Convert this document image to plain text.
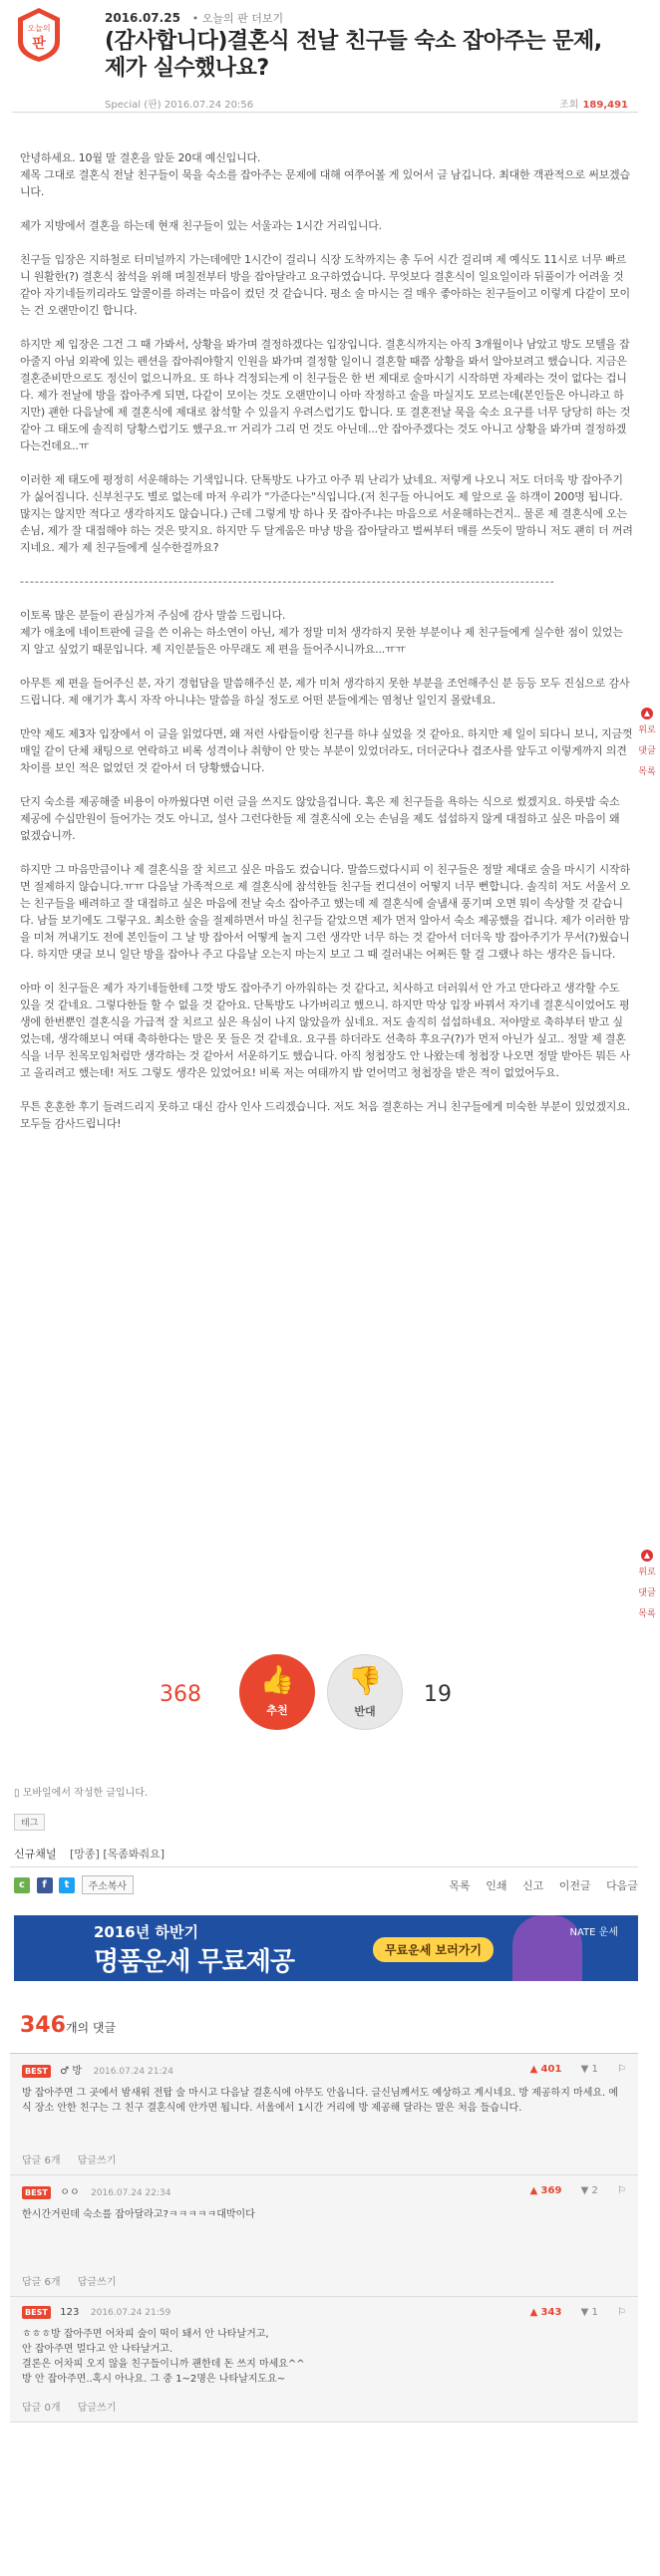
오늘의
판
2016.07.25 • 오늘의 판 더보기
(감사합니다)결혼식 전날 친구들 숙소 잡아주는 문제, 제가 실수했나요?
Special (판) 2016.07.24 20:56	조회 189,491

안녕하세요. 10월 말 결혼을 앞둔 20대 예신입니다.
제목 그대로 결혼식 전날 친구들이 묵을 숙소를 잡아주는 문제에 대해 여쭈어볼 게 있어서 글 남깁니다. 최대한 객관적으로 써보겠습니다.

제가 지방에서 결혼을 하는데 현재 친구들이 있는 서울과는 1시간 거리입니다.

친구들 입장은 지하철로 터미널까지 가는데에만 1시간이 걸리니 식장 도착까지는 총 두어 시간 걸리며 제 예식도 11시로 너무 빠르니 원활한(?) 결혼식 참석을 위해 며칠전부터 방을 잡아달라고 요구하였습니다. 무엇보다 결혼식이 일요일이라 뒤풀이가 어려울 것 같아 자기네들끼리라도 알콜이를 하려는 마음이 컸던 것 같습니다. 평소 술 마시는 걸 매우 좋아하는 친구들이고 이렇게 다같이 모이는 건 오랜만이긴 합니다.

하지만 제 입장은 그건 그 때 가봐서, 상황을 봐가며 결정하겠다는 입장입니다. 결혼식까지는 아직 3개월이나 남았고 방도 모텔을 잡아줄지 아님 외곽에 있는 펜션을 잡아줘야할지 인원을 봐가며 결정할 일이니 결혼할 때쯤 상황을 봐서 알아보려고 했습니다. 지금은 결혼준비만으로도 정신이 없으니까요. 또 하나 걱정되는게 이 친구들은 한 번 제대로 술마시기 시작하면 자제라는 것이 없다는 겁니다. 제가 전날에 방을 잡아주게 되면, 다같이 모이는 것도 오랜만이니 아마 작정하고 술을 마실지도 모르는데(본인들은 아니라고 하지만) 괜한 다음날에 제 결혼식에 제대로 참석할 수 있을지 우려스럽기도 합니다. 또 결혼전날 묵을 숙소 요구를 너무 당당히 하는 것 같아 그 태도에 솔직히 당황스럽기도 했구요.ㅠ 거리가 그리 먼 것도 아닌데...안 잡아주겠다는 것도 아니고 상황을 봐가며 결정하겠다는건데요..ㅠ

이러한 제 태도에 평정히 서운해하는 기색입니다. 단톡방도 나가고 아주 뭐 난리가 났네요. 저렇게 나오니 저도 더더욱 방 잡아주기가 싫어집니다. 신부친구도 별로 없는데 마저 우리가 "가준다는"식입니다.(저 친구들 아니어도 제 앞으로 올 하객이 200명 됩니다. 많지는 않지만 적다고 생각하지도 않습니다.) 근데 그렇게 방 하나 못 잡아주냐는 마음으로 서운해하는건지.. 물론 제 결혼식에 오는 손님, 제가 잘 대접해야 하는 것은 맞지요. 하지만 두 달게움은 마냥 방을 잡아달라고 벌써부터 매를 쓰듯이 말하니 저도 괜히 더 꺼려지네요. 제가 제 친구들에게 실수한걸까요?

------------------------------------------------------------------------------------------------------------

이토록 많은 분들이 관심가져 주심에 감사 말씀 드립니다.
제가 애초에 네이트판에 글을 쓴 이유는 하소연이 아닌, 제가 정말 미처 생각하지 못한 부분이나 제 친구들에게 실수한 점이 있었는지 알고 싶었기 때문입니다. 제 지인분들은 아무래도 제 편을 들어주시니까요...ㅠㅠ

아무튼 제 편을 들어주신 분, 자기 경험담을 말씀해주신 분, 제가 미처 생각하지 못한 부분을 조언해주신 분 등등 모두 진심으로 감사드립니다. 제 얘기가 혹시 자작 아니냐는 말씀을 하실 정도로 어떤 분들에게는 염청난 일인지 몰랐네요.

만약 제도 제3자 입장에서 이 글을 읽었다면, 왜 저런 사람들이랑 친구를 하냐 싶었을 것 같아요. 하지만 제 일이 되다니 보니, 지금껏 매일 같이 단체 채팅으로 연락하고 비록 성격이나 취향이 안 맞는 부분이 있었더라도, 더더군다나 겹조사를 앞두고 이렇게까지 의견 차이를 보인 적은 없었던 것 같아서 더 당황했습니다.

단지 숙소를 제공해줄 비용이 아까웠다면 이런 글을 쓰지도 않았을겁니다. 혹은 제 친구들을 욕하는 식으로 썼겠지요. 하룻밤 숙소 제공에 수십만원이 들어가는 것도 아니고, 설사 그런다한들 제 결혼식에 오는 손님을 제도 섭섭하지 않게 대접하고 싶은 마음이 왜 없겠습니까.

하지만 그 마음만큼이나 제 결혼식을 잘 치르고 싶은 마음도 컸습니다. 말씀드렸다시피 이 친구들은 정말 제대로 술을 마시기 시작하면 절제하지 않습니다.ㅠㅠ 다음날 가족적으로 제 결혼식에 참석한들 친구들 컨디션이 어떻지 너무 뻔합니다. 솔직히 저도 서울서 오는 친구들을 배려하고 잘 대접하고 싶은 마음에 전날 숙소 잡아주고 했는데 제 결혼식에 술냄새 풍기며 오면 뭐이 속상할 것 같습니다. 남들 보기에도 그렇구요. 최소한 술을 절제하면서 마실 친구들 같았으면 제가 먼저 알아서 숙소 제공했을 겁니다. 제가 이러한 맘을 미처 꺼내기도 전에 본인들이 그 날 방 잡아서 어떻게 놀지 그런 생각만 너무 하는 것 같아서 더더욱 방 잡아주기가 무서(?)웠습니다. 하지만 댓글 보니 일단 방을 잡아나 주고 다음날 오는지 마는지 보고 그 때 걸러내는 어쩌든 할 걸 그랬나 하는 생각은 듭니다.

아마 이 친구들은 제가 자기네들한테 그깟 방도 잡아주기 아까워하는 것 같다고, 치사하고 더러워서 안 가고 만다라고 생각할 수도 있을 것 같네요. 그렇다한들 할 수 없을 것 같아요. 단톡방도 나가버리고 했으니. 하지만 막상 입장 바꿔서 자기네 결혼식이었어도 평생에 한번뿐인 결혼식을 가급적 잘 치르고 싶은 욕심이 나지 않았을까 싶네요. 저도 솔직히 섭섭하네요. 저야말로 축하부터 받고 싶었는데, 생각해보니 여태 축하한다는 말은 못 들은 것 같네요. 요구를 하더라도 선축하 후요구(?)가 먼저 아닌가 싶고.. 정말 제 결혼식을 너무 친목모임처럼만 생각하는 것 같아서 서운하기도 했습니다. 아직 청첩장도 안 나왔는데 청첩장 나오면 정말 받아든 뭐든 사고 올리려고 했는데! 저도 그렇도 생각은 있었어요! 비록 저는 여태까지 밥 얻어먹고 청첩장을 받은 적이 없었어두요.

무튼 혼훈한 후기 들려드리지 못하고 대신 감사 인사 드리겠습니다. 저도 처음 결혼하는 거니 친구들에게 미숙한 부분이 있었겠지요. 모두들 감사드립니다!

▲
위로
댓글
목록
▲
위로
댓글
목록
368	👍
추천
👎
반대
19
▯ 모바일에서 작성한 글입니다.
태그
신규채널 [망종] [목좀봐줘요]
c f t 주소복사	목록 인쇄 신고 이전글 다음글
2016년 하반기
명품운세 무료제공	무료운세 보러가기
NATE 운세
346개의 댓글
BEST ♂ 방 2016.07.24 21:24	▲ 401 ▼ 1 ⚐
방 잡아주면 그 곳에서 밤새워 전탑 술 마시고 다음날 결혼식에 아무도 안옵니다. 글신님께서도 예상하고 계시네요. 방 제공하지 마세요. 예식 장소 안한 친구는 그 친구 결혼식에 안가면 됩니다. 서울에서 1시간 거리에 방 제공해 달라는 말은 처음 들습니다.
답글 6개 답글쓰기
BEST ㅇㅇ 2016.07.24 22:34	▲ 369 ▼ 2 ⚐
한시간거린데 숙소를 잡아달라고?ㅋㅋㅋㅋㅋ대박이다
답글 6개 답글쓰기
BEST 123 2016.07.24 21:59	▲ 343 ▼ 1 ⚐
ㅎㅎㅎ방 잡아주면 어차피 술이 떡이 돼서 안 나타날거고,
안 잡아주면 멀다고 안 나타날거고.
결론은 어차피 오지 않을 친구들이니까 괜한데 돈 쓰지 마세요^^
방 안 잡아주면..혹시 아나요. 그 중 1~2명은 나타날지도요~
답글 0개 답글쓰기
